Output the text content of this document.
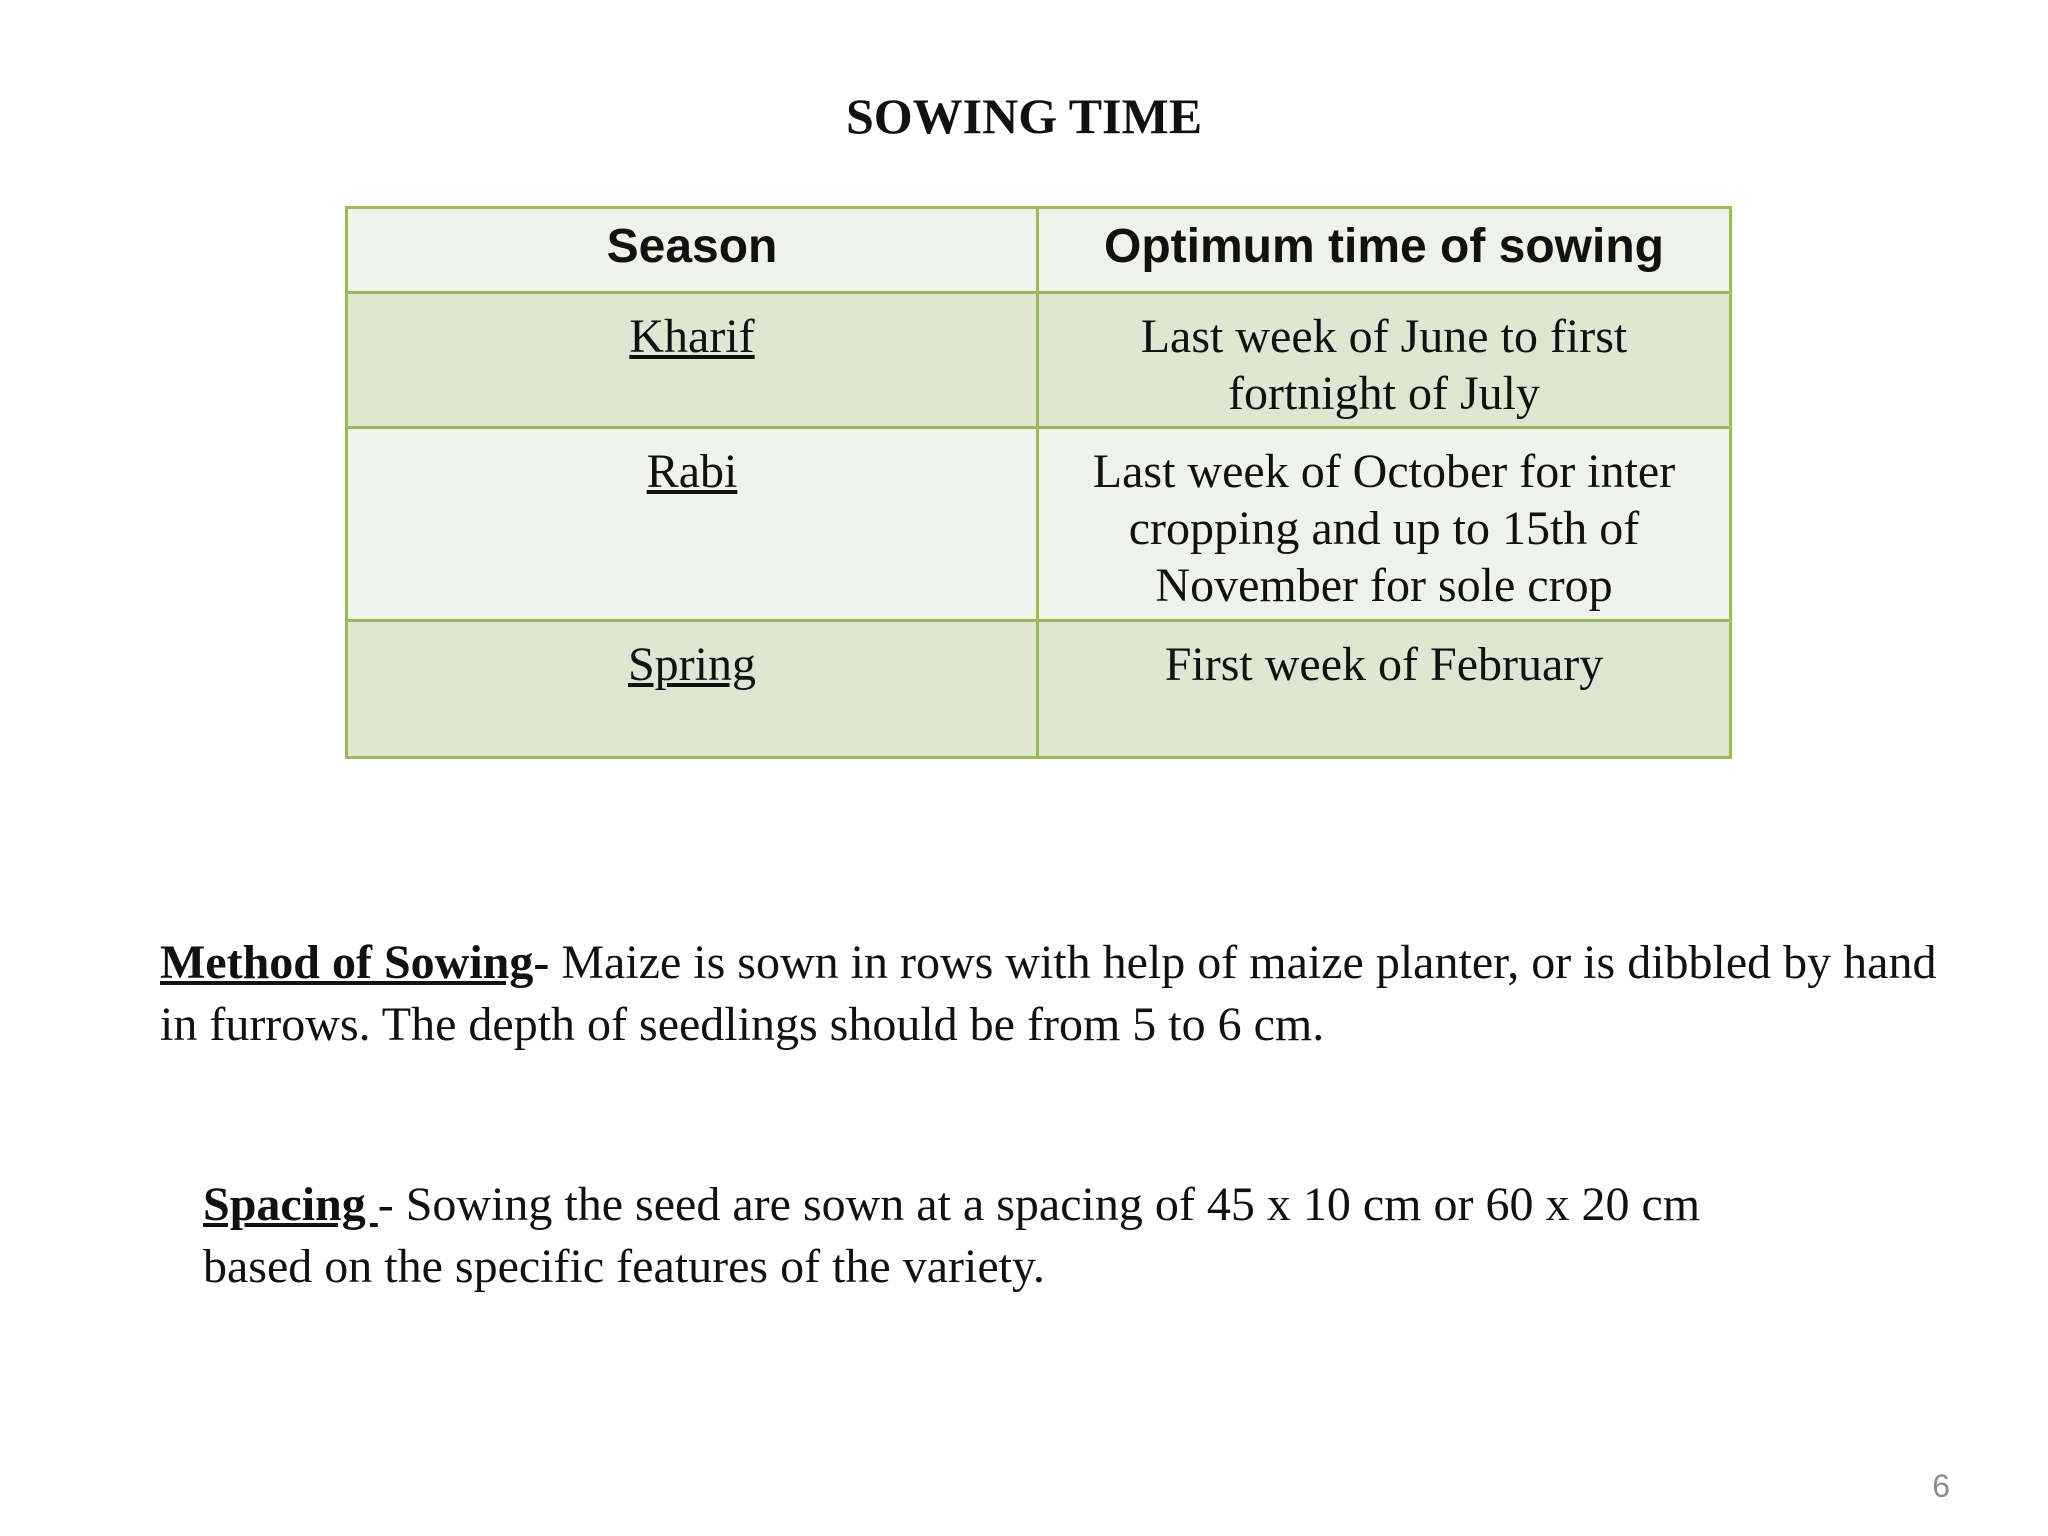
SOWING TIME
Season	Optimum time of sowing
Kharif	Last week of June to first fortnight of July
Rabi	Last week of October for inter cropping and up to 15th of November for sole crop
Spring	First week of February

Method of Sowing- Maize is sown in rows with help of maize planter, or is dibbled by hand in furrows. The depth of seedlings should be from 5 to 6 cm.

Spacing - Sowing the seed are sown at a spacing of 45 x 10 cm or 60 x 20 cm based on the specific features of the variety.

6
